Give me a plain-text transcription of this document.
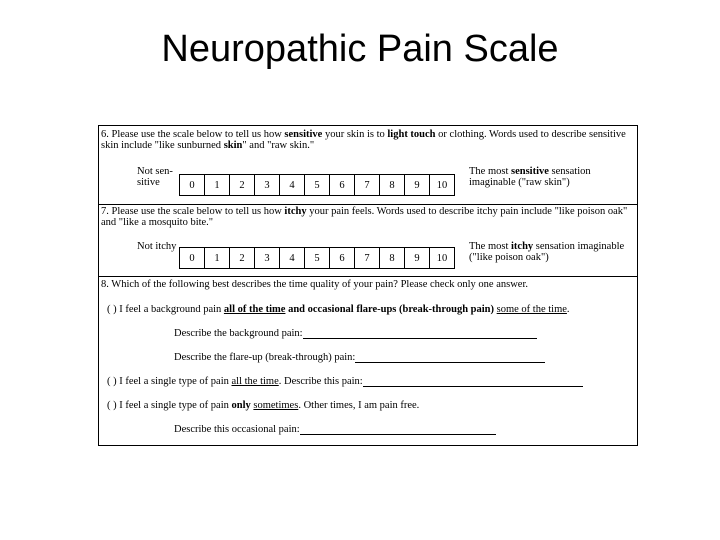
Neuropathic Pain Scale
6. Please use the scale below to tell us how sensitive your skin is to light touch or clothing. Words used to describe sensitive skin include "like sunburned skin" and "raw skin."
Not sen- sitive	0	1	2	3	4	5	6	7	8	9	10
The most sensitive sensation imaginable ("raw skin")
7. Please use the scale below to tell us how itchy your pain feels. Words used to describe itchy pain include "like poison oak" and "like a mosquito bite."
Not itchy
0	1	2	3	4	5	6	7	8	9	10
The most itchy sensation imaginable ("like poison oak")
8. Which of the following best describes the time quality of your pain? Please check only one answer.
( ) I feel a background pain all of the time and occasional flare-ups (break-through pain) some of the time.
Describe the background pain:
Describe the flare-up (break-through) pain:
( ) I feel a single type of pain all the time. Describe this pain:
( ) I feel a single type of pain only sometimes. Other times, I am pain free.
Describe this occasional pain:
